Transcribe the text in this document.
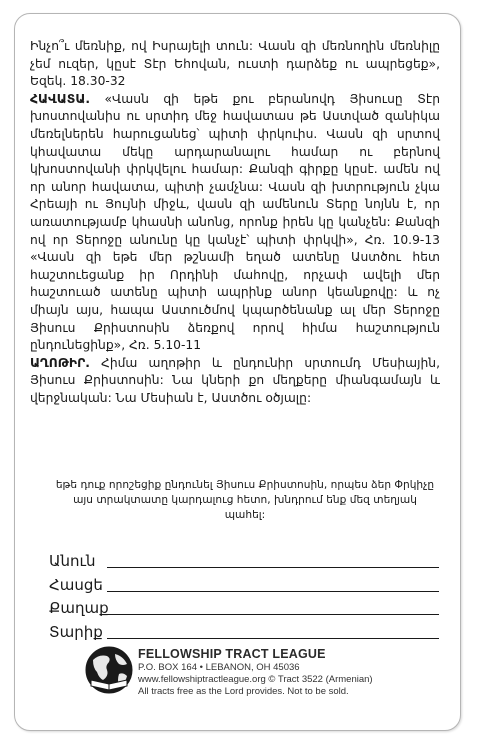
Ինչո՞ւ մեռնիք, ով Իսրայելի տուն: Վասն զի մեռնողին մեռնիլը չեմ ուզեր, կըսէ Տէր Եհովան, ուստի դարձեք ու ապրեցեք», Եզեկ. 18.30-32

ՀԱՎԱՏԱ. «Վասն զի եթե քու բերանովդ Յիսուսը Տէր խոստովանիս ու սրտիդ մեջ հավատաս թե Աստված զանիկա մեռելներեն հարուցանեց՝ պիտի փրկուիս. Վասն զի սրտով կհավատա մեկը արդարանալու համար ու բերնով կխոստովանի փրկվելու համար: Քանզի գիրքը կըսէ. ամեն ով որ անոր հավատա, պիտի չամչնա: Վասն զի խտրություն չկա Հրեայի ու Յույնի միջև, վասն զի ամենուն Տերը նոյնն է, որ առատությամբ կհասնի անոնց, որոնք իրեն կը կանչեն: Քանզի ով որ Տերոջը անունը կը կանչէ՝ պիտի փրկվի», Հռ. 10.9-13 «Վասն զի եթե մեր թշնամի եղած ատենը Աստծու հետ հաշտուեցանք իր Որդինի մահովը, որչափ ավելի մեր հաշտուած ատենը պիտի ապրինք անոր կեանքովը: և ոչ միայն այս, հապա Աստուծմով կպարծենանք ալ մեր Տերոջը Յիսուս Քրիստոսին ձեռքով որով հիմա հաշտություն ընդունեցինք», Հռ. 5.10-11

ԱՂՈԹԻՐ. Հիմա աղոթիր և ընդունիր սրտումդ Մեսիային, Յիսուս Քրիստոսին: Նա կների քո մեղքերը միանգամայն և վերջնական: Նա Մեսիան է, Աստծու օծյալը:

եթե դուք որոշեցիք ընդունել Յիսուս Քրիստոսին, որպես ձեր Փրկիչը այս տրակտատը կարդալուց հետո, խնդրում ենք մեզ տեղյակ պահել:

Անուն
Հասցե
Քաղաք
Տարիք
FELLOWSHIP TRACT LEAGUE
P.O. BOX 164 • LEBANON, OH 45036
www.fellowshiptractleague.org © Tract 3522 (Armenian)
All tracts free as the Lord provides. Not to be sold.
